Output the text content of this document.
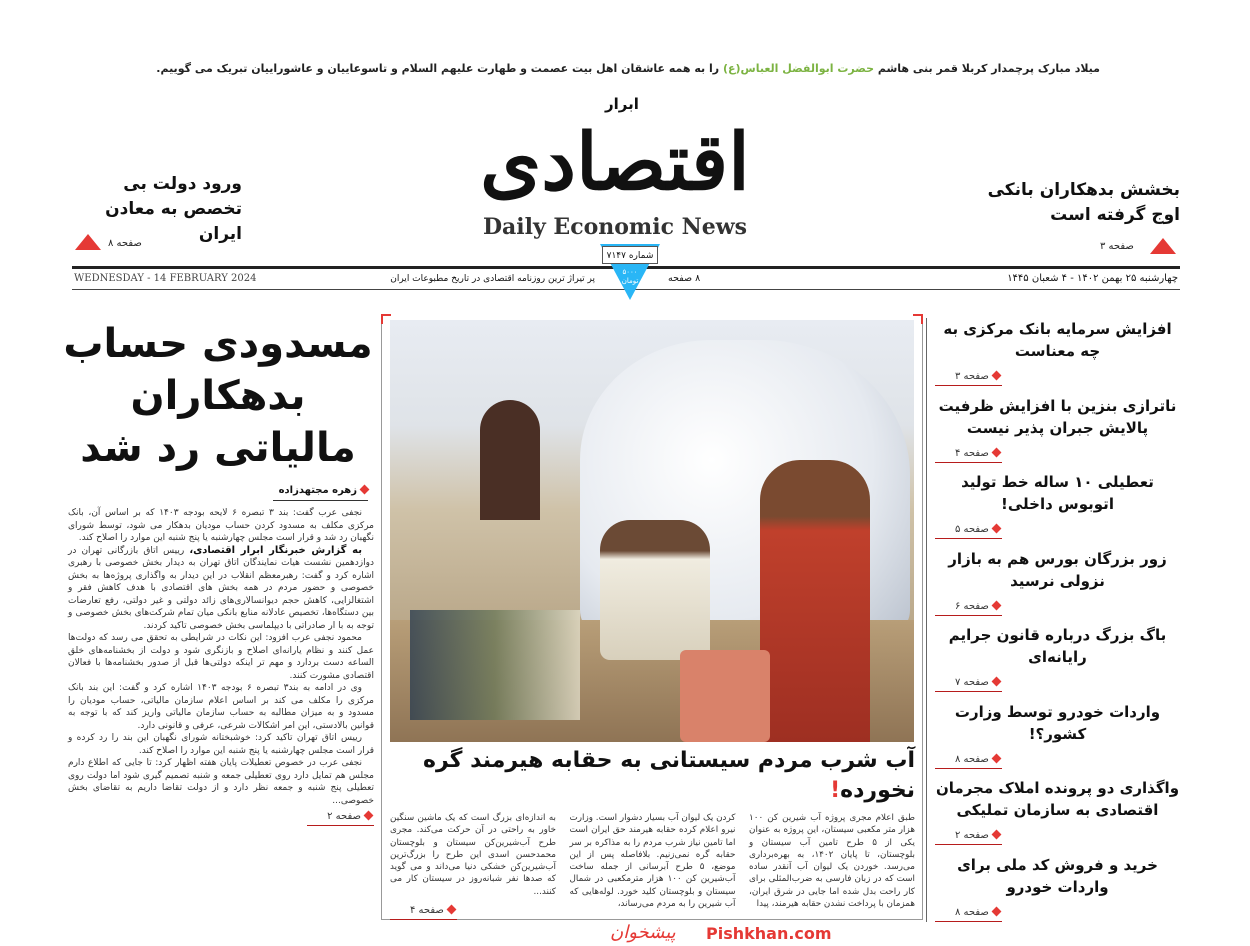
میلاد مبارک پرچمدار کربلا قمر بنی هاشم حضرت ابوالفضل العباس(ع) را به همه عاشقان اهل بیت عصمت و طهارت علیهم السلام و تاسوعاییان و عاشوراییان تبریک می گوییم.
ابرار
اقتصادی
Daily Economic News
ورود دولت بی تخصص به معادن ایران
صفحه ۸
بخشش بدهکاران بانکی اوج گرفته است
صفحه ۳
WEDNESDAY - 14 FEBRUARY 2024	پر تیراژ ترین روزنامه اقتصادی در تاریخ مطبوعات ایران	۸ صفحه	چهارشنبه ۲۵ بهمن ۱۴۰۲ - ۴ شعبان ۱۴۴۵
شماره ۷۱۴۷
۵۰۰۰ تومان
مسدودی حساب بدهکاران مالیاتی رد شد
زهره مجتهدزاده

نجفی عرب گفت: بند ۳ تبصره ۶ لایحه بودجه ۱۴۰۳ که بر اساس آن، بانک مرکزی مکلف به مسدود کردن حساب مودیان بدهکار می شود، توسط شورای نگهبان رد شد و قرار است مجلس چهارشنبه یا پنج شنبه این موارد را اصلاح کند.

به گزارش خبرنگار ابرار اقتصادی، رییس اتاق بازرگانی تهران در دوازدهمین نشست هیات نمایندگان اتاق تهران به دیدار بخش خصوصی با رهبری اشاره کرد و گفت: رهبرمعظم انقلاب در این دیدار به واگذاری پروژه‌ها به بخش خصوصی و حضور مردم در همه بخش های اقتصادی با هدف کاهش فقر و اشتغالزایی، کاهش حجم دیوانسالاری‌های زائد دولتی و غیر دولتی، رفع تعارضات بین دستگاه‌ها، تخصیص عادلانه منابع بانکی میان تمام شرکت‌های بخش خصوصی و توجه به با ار صادراتی با دیپلماسی بخش خصوصی تاکید کردند.

محمود نجفی عرب افزود: این نکات در شرایطی به تحقق می رسد که دولت‌ها عمل کنند و نظام یارانه‌ای اصلاح و بازنگری شود و دولت از بخشنامه‌های خلق الساعه دست بردارد و مهم تر اینکه دولتی‌ها قبل از صدور بخشنامه‌ها با فعالان اقتصادی مشورت کنند.

وی در ادامه به بند۳ تبصره ۶ بودجه ۱۴۰۳ اشاره کرد و گفت: این بند بانک مرکزی را مکلف می کند بر اساس اعلام سازمان مالیاتی، حساب مودیان را مسدود و به میزان مطالبه به حساب سازمان مالیاتی واریز کند که با توجه به قوانین بالادستی، این امر اشکالات شرعی، عرفی و قانونی دارد.

رییس اتاق تهران تاکید کرد: خوشبختانه شورای نگهبان این بند را رد کرده و قرار است مجلس چهارشنبه یا پنج شنبه این موارد را اصلاح کند.

نجفی عرب در خصوص تعطیلات پایان هفته اظهار کرد: تا جایی که اطلاع دارم مجلس هم تمایل دارد روی تعطیلی جمعه و شنبه تصمیم گیری شود اما دولت روی تعطیلی پنج شنبه و جمعه نظر دارد و از دولت تقاضا داریم به تقاضای بخش خصوصی...

صفحه ۲
آب شرب مردم سیستانی به حقابه هیرمند گره نخورده!
طبق اعلام مجری پروژه آب شیرین کن ۱۰۰ هزار متر مکعبی سیستان، این پروژه به عنوان یکی از ۵ طرح تامین آب سیستان و بلوچستان، تا پایان ۱۴۰۲، به بهره‌برداری می‌رسد. خوردن یک لیوان آب آنقدر ساده است که در زبان فارسی به ضرب‌المثلی برای کار راحت بدل شده اما جایی در شرق ایران، همزمان با پرداخت نشدن حقابه هیرمند، پیدا
کردن یک لیوان آب بسیار دشوار است. وزارت نیرو اعلام کرده حقابه هیرمند حق ایران است اما تامین نیاز شرب مردم را به مذاکره بر سر حقابه گره نمی‌زنیم. بلافاصله پس از این موضع، ۵ طرح آبرسانی از جمله ساخت آب‌شیرین کن ۱۰۰ هزار مترمکعبی در شمال سیستان و بلوچستان کلید خورد. لوله‌هایی که آب شیرین را به مردم می‌رساند،
به اندازه‌ای بزرگ است که یک ماشین سنگین خاور به راحتی در آن حرکت می‌کند. مجری طرح آب‌شیرین‌کن سیستان و بلوچستان محمدحسن اسدی این طرح را بزرگ‌ترین آب‌شیرین‌کن خشکی دنیا می‌داند و می گوید که صدها نفر شبانه‌روز در سیستان کار می کنند...
صفحه ۴
افزایش سرمایه بانک مرکزی به چه معناست
صفحه ۳
ناترازی بنزین با افزایش ظرفیت پالایش جبران پذیر نیست
صفحه ۴
تعطیلی ۱۰ ساله خط تولید اتوبوس داخلی!
صفحه ۵
زور بزرگان بورس هم به بازار نزولی نرسید
صفحه ۶
باگ بزرگ درباره قانون جرایم رایانه‌ای
صفحه ۷
واردات خودرو توسط وزارت کشور؟!
صفحه ۸
واگذاری دو پرونده املاک مجرمان اقتصادی به سازمان تملیکی
صفحه ۲
خرید و فروش کد ملی برای واردات خودرو
صفحه ۸
پیشخوان Pishkhan.com
